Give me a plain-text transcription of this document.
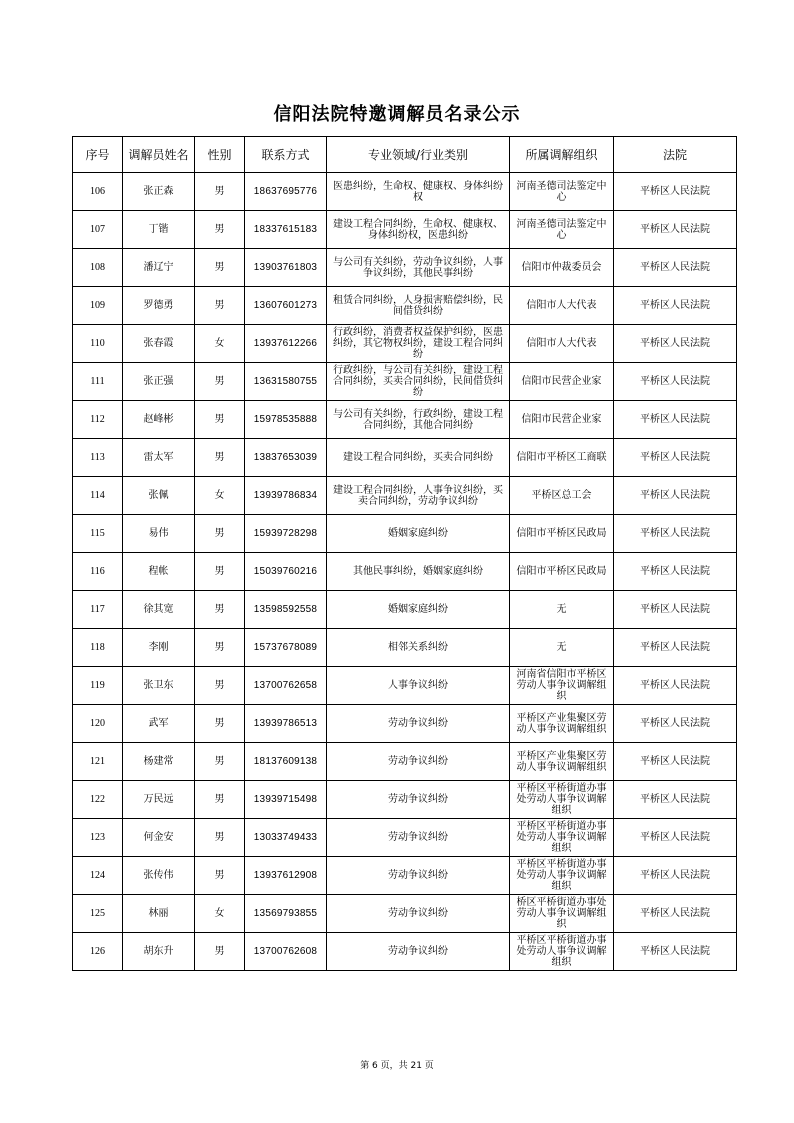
信阳法院特邀调解员名录公示
序号	调解员姓名	性别	联系方式	专业领域/行业类别	所属调解组织	法院
106	张正森	男	18637695776	医患纠纷，生命权、健康权、身体纠纷权	河南圣德司法鉴定中心	平桥区人民法院
107	丁锴	男	18337615183	建设工程合同纠纷，生命权、健康权、身体纠纷权，医患纠纷	河南圣德司法鉴定中心	平桥区人民法院
108	潘辽宁	男	13903761803	与公司有关纠纷，劳动争议纠纷，人事争议纠纷，其他民事纠纷	信阳市仲裁委员会	平桥区人民法院
109	罗德勇	男	13607601273	租赁合同纠纷，人身损害赔偿纠纷，民间借贷纠纷	信阳市人大代表	平桥区人民法院
110	张春霞	女	13937612266	行政纠纷，消费者权益保护纠纷，医患纠纷，其它物权纠纷，建设工程合同纠纷	信阳市人大代表	平桥区人民法院
111	张正强	男	13631580755	行政纠纷，与公司有关纠纷，建设工程合同纠纷，买卖合同纠纷，民间借贷纠纷	信阳市民营企业家	平桥区人民法院
112	赵峰彬	男	15978535888	与公司有关纠纷，行政纠纷，建设工程合同纠纷，其他合同纠纷	信阳市民营企业家	平桥区人民法院
113	雷太军	男	13837653039	建设工程合同纠纷，买卖合同纠纷	信阳市平桥区工商联	平桥区人民法院
114	张佩	女	13939786834	建设工程合同纠纷，人事争议纠纷，买卖合同纠纷，劳动争议纠纷	平桥区总工会	平桥区人民法院
115	易伟	男	15939728298	婚姻家庭纠纷	信阳市平桥区民政局	平桥区人民法院
116	程帐	男	15039760216	其他民事纠纷，婚姻家庭纠纷	信阳市平桥区民政局	平桥区人民法院
117	徐其宽	男	13598592558	婚姻家庭纠纷	无	平桥区人民法院
118	李刚	男	15737678089	相邻关系纠纷	无	平桥区人民法院
119	张卫东	男	13700762658	人事争议纠纷	河南省信阳市平桥区劳动人事争议调解组织	平桥区人民法院
120	武军	男	13939786513	劳动争议纠纷	平桥区产业集聚区劳动人事争议调解组织	平桥区人民法院
121	杨建常	男	18137609138	劳动争议纠纷	平桥区产业集聚区劳动人事争议调解组织	平桥区人民法院
122	万民远	男	13939715498	劳动争议纠纷	平桥区平桥街道办事处劳动人事争议调解组织	平桥区人民法院
123	何金安	男	13033749433	劳动争议纠纷	平桥区平桥街道办事处劳动人事争议调解组织	平桥区人民法院
124	张传伟	男	13937612908	劳动争议纠纷	平桥区平桥街道办事处劳动人事争议调解组织	平桥区人民法院
125	林丽	女	13569793855	劳动争议纠纷	桥区平桥街道办事处劳动人事争议调解组织	平桥区人民法院
126	胡东升	男	13700762608	劳动争议纠纷	平桥区平桥街道办事处劳动人事争议调解组织	平桥区人民法院
第 6 页，共 21 页
